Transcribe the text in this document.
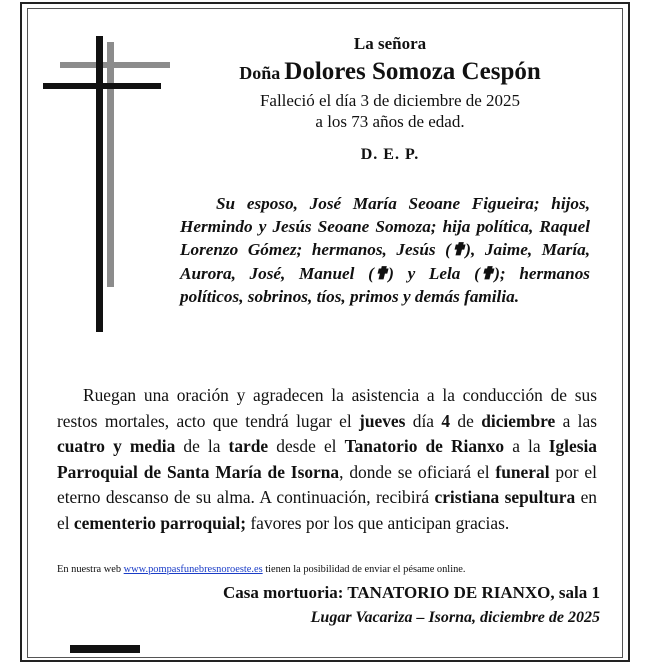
La señora
Doña Dolores Somoza Cespón
Falleció el día 3 de diciembre de 2025
a los 73 años de edad.
D. E. P.
Su esposo, José María Seoane Figueira; hijos, Hermindo y Jesús Seoane Somoza; hija política, Raquel Lorenzo Gómez; hermanos, Jesús (✟), Jaime, María, Aurora, José, Manuel (✟) y Lela (✟); hermanos políticos, sobrinos, tíos, primos y demás familia.
Ruegan una oración y agradecen la asistencia a la conducción de sus restos mortales, acto que tendrá lugar el jueves día 4 de diciembre a las cuatro y media de la tarde desde el Tanatorio de Rianxo a la Iglesia Parroquial de Santa María de Isorna, donde se oficiará el funeral por el eterno descanso de su alma. A continuación, recibirá cristiana sepultura en el cementerio parroquial; favores por los que anticipan gracias.
En nuestra web www.pompasfunebresnoroeste.es tienen la posibilidad de enviar el pésame online.
Casa mortuoria: TANATORIO DE RIANXO, sala 1
Lugar Vacariza – Isorna, diciembre de 2025
